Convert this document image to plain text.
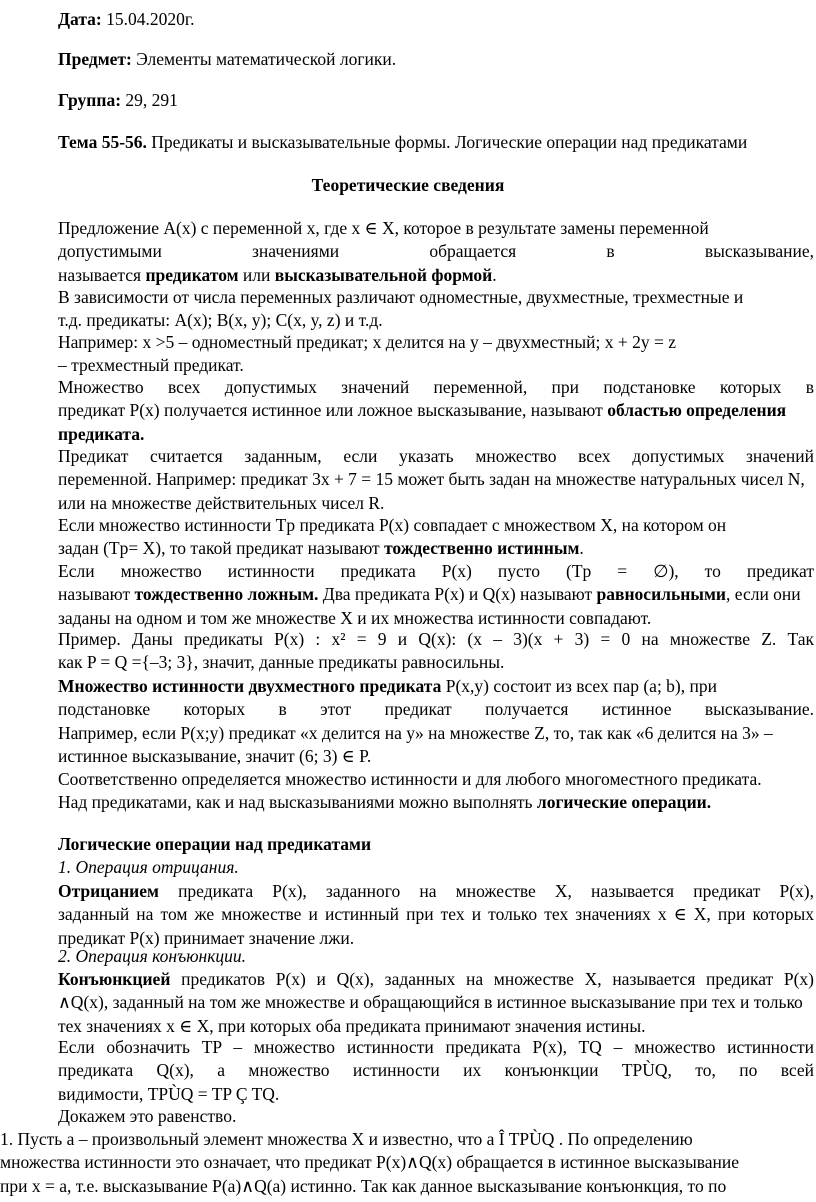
Дата: 15.04.2020г.
Предмет: Элементы математической логики.
Группа: 29, 291
Тема 55-56. Предикаты и высказывательные формы. Логические операции над предикатами
Теоретические сведения
Предложение A(x) с переменной x, где x ∈ X, которое в результате замены переменной
допустимыми значениями обращается в высказывание,
называется предикатом или высказывательной формой.
В зависимости от числа переменных различают одноместные, двухместные, трехместные и
т.д. предикаты: A(x); B(x, y); C(x, y, z) и т.д.
Например: x >5 – одноместный предикат; x делится на y – двухместный; x + 2y = z
– трехместный предикат.
Множество всех допустимых значений переменной, при подстановке которых в
предикат P(x) получается истинное или ложное высказывание, называют областью определения
предиката.
Предикат считается заданным, если указать множество всех допустимых значений
переменной. Например: предикат 3x + 7 = 15 может быть задан на множестве натуральных чисел N,
или на множестве действительных чисел R.
Если множество истинности Tp предиката P(x) совпадает с множеством X, на котором он
задан (Tp= X), то такой предикат называют тождественно истинным.
Если множество истинности предиката P(x) пусто (Tp = ∅), то предикат
называют тождественно ложным. Два предиката P(x) и Q(x) называют равносильными, если они
заданы на одном и том же множестве X и их множества истинности совпадают.
Пример. Даны предикаты P(x) : x² = 9 и Q(x): (x – 3)(x + 3) = 0 на множестве Z. Так
как P = Q ={–3; 3}, значит, данные предикаты равносильны.
Множество истинности двухместного предиката P(x,y) состоит из всех пар (a; b), при
подстановке которых в этот предикат получается истинное высказывание.
Например, если P(x;y) предикат «x делится на y» на множестве Z, то, так как «6 делится на 3» –
истинное высказывание, значит (6; 3) ∈ P.
Соответственно определяется множество истинности и для любого многоместного предиката.
Над предикатами, как и над высказываниями можно выполнять логические операции.
Логические операции над предикатами
1. Операция отрицания.
Отрицанием предиката P(x), заданного на множестве X, называется предикат P(x),
заданный на том же множестве и истинный при тех и только тех значениях x ∈ X, при которых
предикат P(x) принимает значение лжи.
2. Операция конъюнкции.
Конъюнкцией предикатов P(x) и Q(x), заданных на множестве X, называется предикат P(x)
∧Q(x), заданный на том же множестве и обращающийся в истинное высказывание при тех и только
тех значениях x ∈ X, при которых оба предиката принимают значения истины.
Если обозначить TP – множество истинности предиката P(x), TQ – множество истинности
предиката Q(x), а множество истинности их конъюнкции TPÙQ, то, по всей
видимости, TPÙQ = TP Ç TQ.
Докажем это равенство.
1. Пусть a – произвольный элемент множества X и известно, что a Î TPÙQ . По определению
множества истинности это означает, что предикат P(x)∧Q(x) обращается в истинное высказывание
при x = a, т.е. высказывание P(a)∧Q(a) истинно. Так как данное высказывание конъюнкция, то по
